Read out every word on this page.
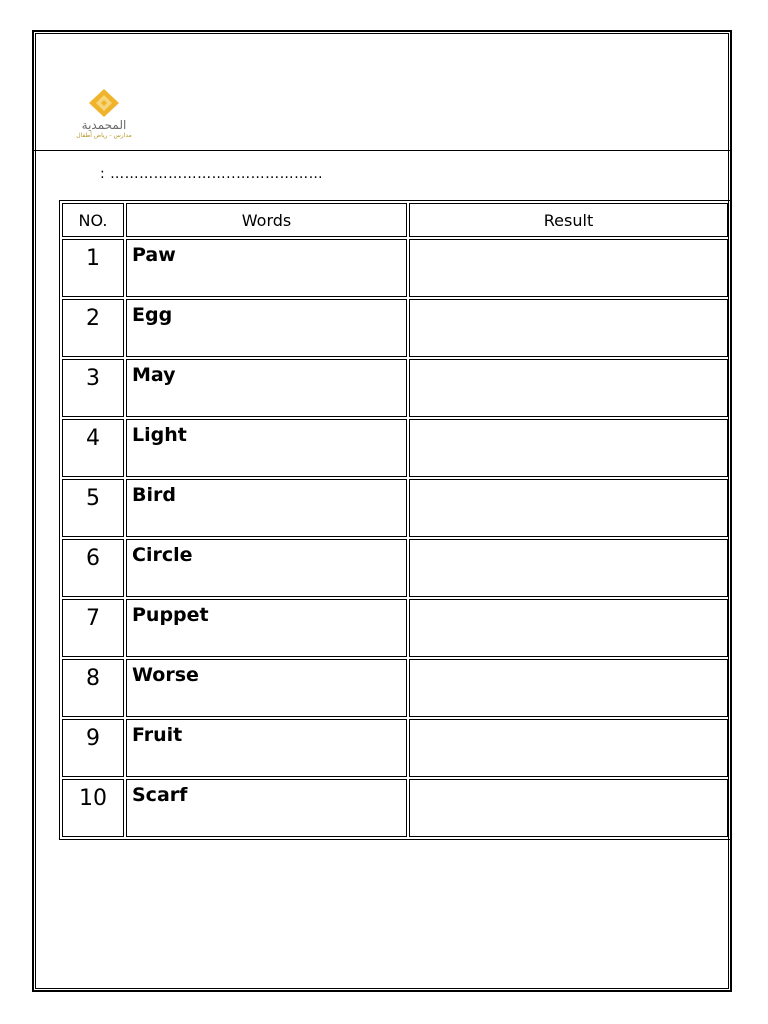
المحمدية
مدارس - رياض أطفال
: ……………………..………………
NO.	Words	Result

1	Paw	

2	Egg	

3	May	

4	Light	

5	Bird	

6	Circle	

7	Puppet	

8	Worse	

9	Fruit	

10	Scarf	
